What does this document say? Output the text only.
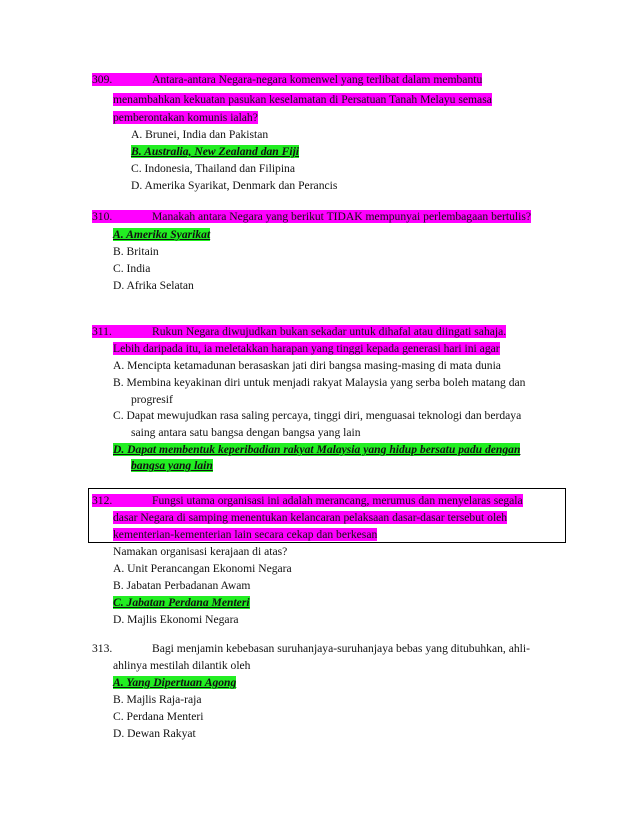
309.	Antara-antara Negara-negara komenwel yang terlibat dalam membantu
menambahkan kekuatan pasukan keselamatan di Persatuan Tanah Melayu semasa
pemberontakan komunis ialah?
A. Brunei, India dan Pakistan
B. Australia, New Zealand dan Fiji
C. Indonesia, Thailand dan Filipina
D. Amerika Syarikat, Denmark dan Perancis
310.	Manakah antara Negara yang berikut TIDAK mempunyai perlembagaan bertulis?
A. Amerika Syarikat
B. Britain
C. India
D. Afrika Selatan
311.	Rukun Negara diwujudkan bukan sekadar untuk dihafal atau diingati sahaja.
Lebih daripada itu, ia meletakkan harapan yang tinggi kepada generasi hari ini agar
A. Mencipta ketamadunan berasaskan jati diri bangsa masing-masing di mata dunia
B. Membina keyakinan diri untuk menjadi rakyat Malaysia yang serba boleh matang dan
progresif
C. Dapat mewujudkan rasa saling percaya, tinggi diri, menguasai teknologi dan berdaya
saing antara satu bangsa dengan bangsa yang lain
D. Dapat membentuk keperibadian rakyat Malaysia yang hidup bersatu padu dengan
bangsa yang lain
312.	Fungsi utama organisasi ini adalah merancang, merumus dan menyelaras segala
dasar Negara di samping menentukan kelancaran pelaksaan dasar-dasar tersebut oleh
kementerian-kementerian lain secara cekap dan berkesan
Namakan organisasi kerajaan di atas?
A. Unit Perancangan Ekonomi Negara
B. Jabatan Perbadanan Awam
C. Jabatan Perdana Menteri
D. Majlis Ekonomi Negara
313.	Bagi menjamin kebebasan suruhanjaya-suruhanjaya bebas yang ditubuhkan, ahli-
ahlinya mestilah dilantik oleh
A. Yang Dipertuan Agong
B. Majlis Raja-raja
C. Perdana Menteri
D. Dewan Rakyat
